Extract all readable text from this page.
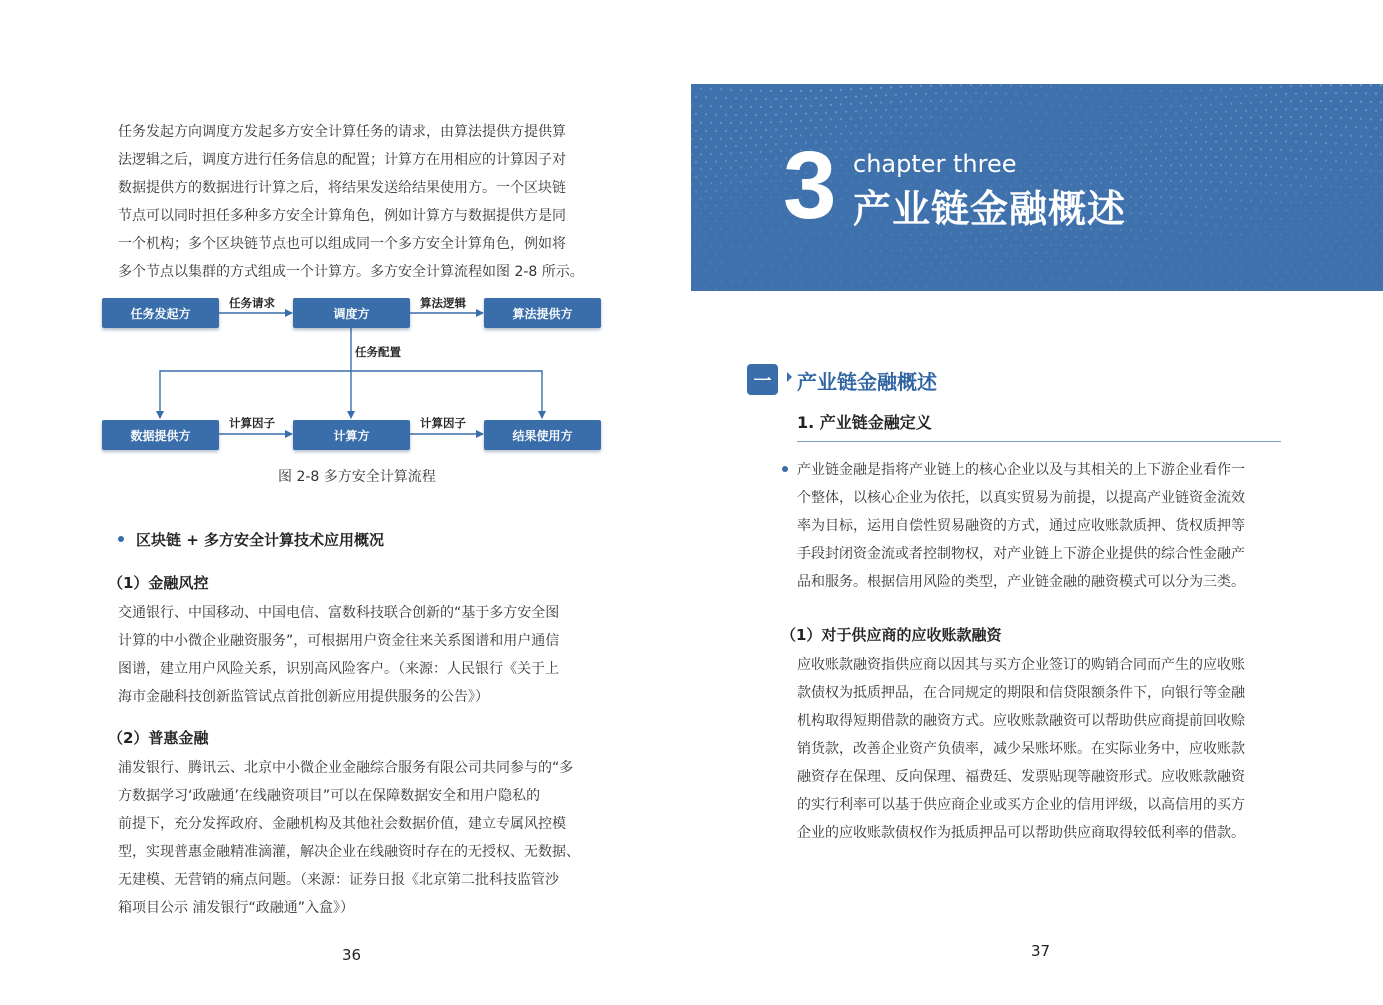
任务发起方向调度方发起多方安全计算任务的请求，由算法提供方提供算
法逻辑之后，调度方进行任务信息的配置；计算方在用相应的计算因子对
数据提供方的数据进行计算之后，将结果发送给结果使用方。一个区块链
节点可以同时担任多种多方安全计算角色，例如计算方与数据提供方是同
一个机构；多个区块链节点也可以组成同一个多方安全计算角色，例如将
多个节点以集群的方式组成一个计算方。多方安全计算流程如图 2-8 所示。
任务发起方	调度方	算法提供方
数据提供方	计算方	结果使用方
任务请求	算法逻辑
任务配置
计算因子	计算因子
图 2-8 多方安全计算流程
区块链 + 多方安全计算技术应用概况
（1）金融风控
交通银行、中国移动、中国电信、富数科技联合创新的“基于多方安全图
计算的中小微企业融资服务”，可根据用户资金往来关系图谱和用户通信
图谱，建立用户风险关系，识别高风险客户。（来源：人民银行《关于上
海市金融科技创新监管试点首批创新应用提供服务的公告》）
（2）普惠金融
浦发银行、腾讯云、北京中小微企业金融综合服务有限公司共同参与的“多
方数据学习‘政融通’在线融资项目”可以在保障数据安全和用户隐私的
前提下，充分发挥政府、金融机构及其他社会数据价值，建立专属风控模
型，实现普惠金融精准滴灌，解决企业在线融资时存在的无授权、无数据、
无建模、无营销的痛点问题。（来源：证券日报《北京第二批科技监管沙
箱项目公示 浦发银行“政融通”入盒》）
36
3 chapter three
产业链金融概述
一	产业链金融概述
1. 产业链金融定义
产业链金融是指将产业链上的核心企业以及与其相关的上下游企业看作一
个整体，以核心企业为依托，以真实贸易为前提，以提高产业链资金流效
率为目标，运用自偿性贸易融资的方式，通过应收账款质押、货权质押等
手段封闭资金流或者控制物权，对产业链上下游企业提供的综合性金融产
品和服务。根据信用风险的类型，产业链金融的融资模式可以分为三类。
（1）对于供应商的应收账款融资
应收账款融资指供应商以因其与买方企业签订的购销合同而产生的应收账
款债权为抵质押品，在合同规定的期限和信贷限额条件下，向银行等金融
机构取得短期借款的融资方式。应收账款融资可以帮助供应商提前回收赊
销货款，改善企业资产负债率，减少呆账坏账。在实际业务中，应收账款
融资存在保理、反向保理、福费廷、发票贴现等融资形式。应收账款融资
的实行利率可以基于供应商企业或买方企业的信用评级，以高信用的买方
企业的应收账款债权作为抵质押品可以帮助供应商取得较低利率的借款。
37
